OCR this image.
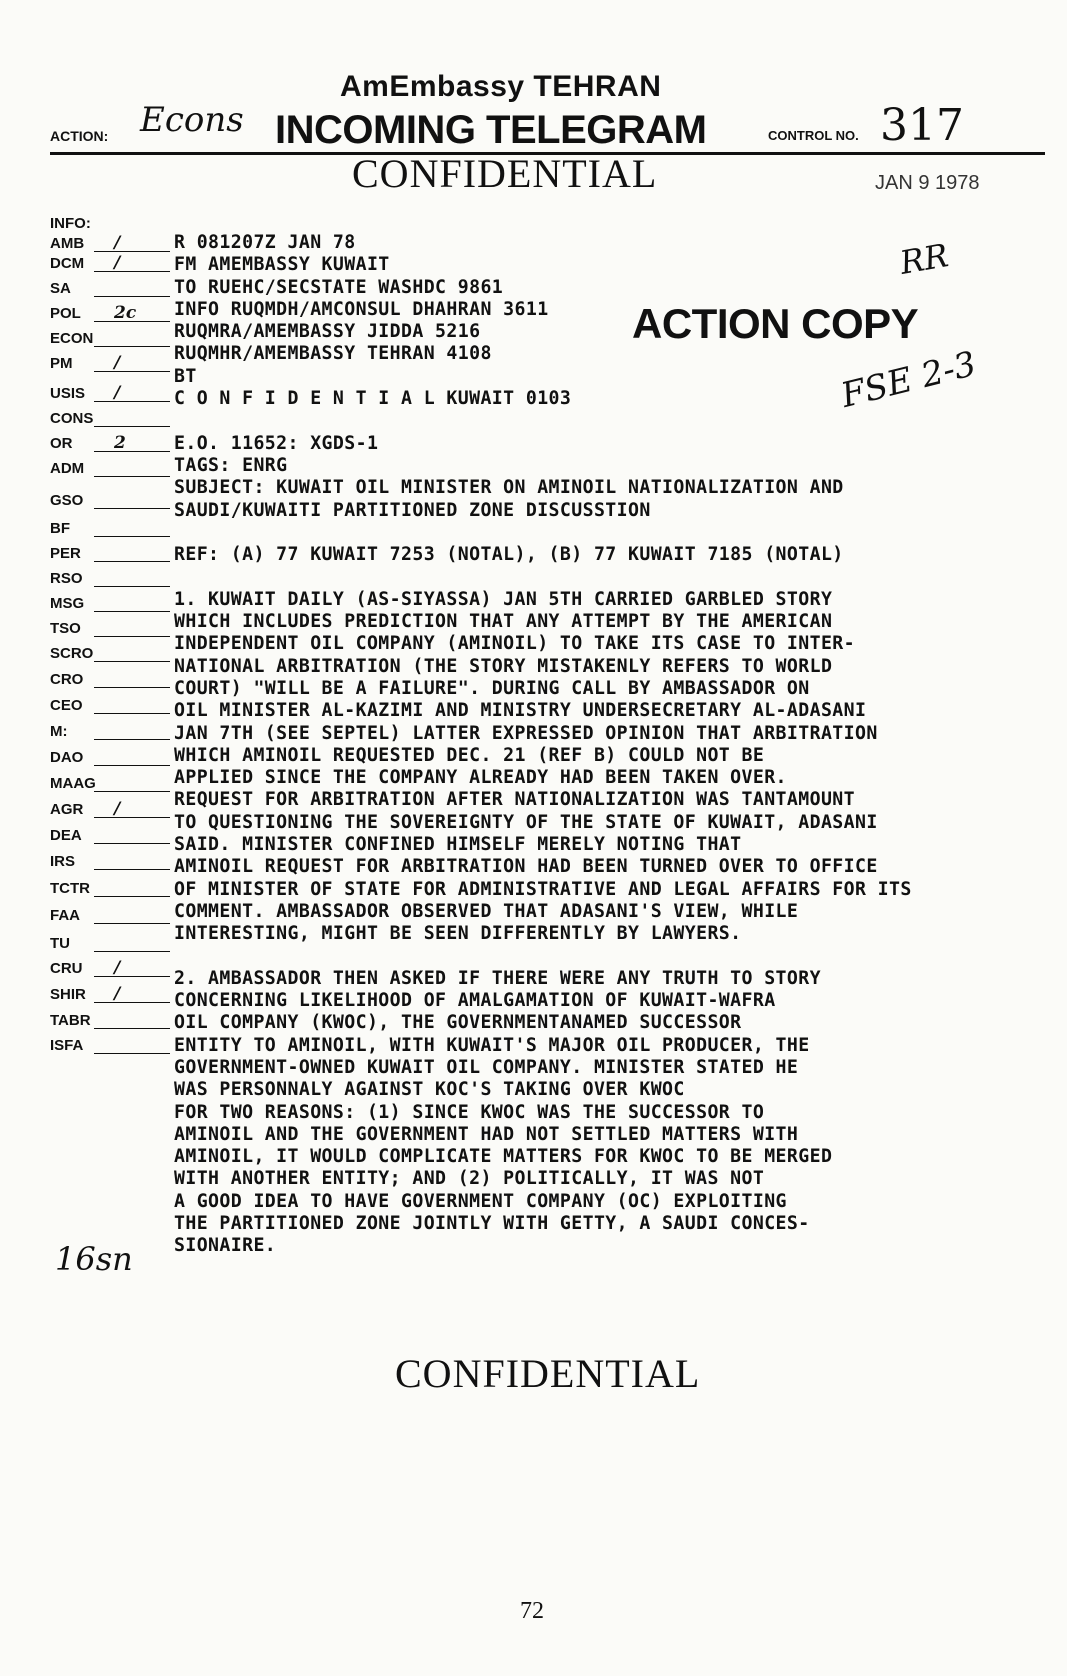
AmEmbassy TEHRAN
ACTION: Econs INCOMING TELEGRAM	CONTROL NO. 317
CONFIDENTIAL	JAN 9 1978
INFO:
AMB /
DCM /
SA
POL 2c
ECON
PM /
USIS /
CONS
OR 2
ADM
GSO
BF
PER
RSO
MSG
TSO
SCRO
CRO
CEO
M:
DAO
MAAG
AGR /
DEA
IRS
TCTR
FAA
TU
CRU /
SHIR /
TABR
ISFA
RR
ACTION COPY
FSE 2-3
R 081207Z JAN 78
FM AMEMBASSY KUWAIT
TO RUEHC/SECSTATE WASHDC 9861
INFO RUQMDH/AMCONSUL DHAHRAN 3611
RUQMRA/AMEMBASSY JIDDA 5216
RUQMHR/AMEMBASSY TEHRAN 4108
BT
C O N F I D E N T I A L KUWAIT 0103
E.O. 11652: XGDS-1
TAGS: ENRG
SUBJECT: KUWAIT OIL MINISTER ON AMINOIL NATIONALIZATION AND
SAUDI/KUWAITI PARTITIONED ZONE DISCUSSTION
REF: (A) 77 KUWAIT 7253 (NOTAL), (B) 77 KUWAIT 7185 (NOTAL)
1. KUWAIT DAILY (AS-SIYASSA) JAN 5TH CARRIED GARBLED STORY
WHICH INCLUDES PREDICTION THAT ANY ATTEMPT BY THE AMERICAN
INDEPENDENT OIL COMPANY (AMINOIL) TO TAKE ITS CASE TO INTER-
NATIONAL ARBITRATION (THE STORY MISTAKENLY REFERS TO WORLD
COURT) "WILL BE A FAILURE". DURING CALL BY AMBASSADOR ON
OIL MINISTER AL-KAZIMI AND MINISTRY UNDERSECRETARY AL-ADASANI
JAN 7TH (SEE SEPTEL) LATTER EXPRESSED OPINION THAT ARBITRATION
WHICH AMINOIL REQUESTED DEC. 21 (REF B) COULD NOT BE
APPLIED SINCE THE COMPANY ALREADY HAD BEEN TAKEN OVER.
REQUEST FOR ARBITRATION AFTER NATIONALIZATION WAS TANTAMOUNT
TO QUESTIONING THE SOVEREIGNTY OF THE STATE OF KUWAIT, ADASANI
SAID. MINISTER CONFINED HIMSELF MERELY NOTING THAT
AMINOIL REQUEST FOR ARBITRATION HAD BEEN TURNED OVER TO OFFICE
OF MINISTER OF STATE FOR ADMINISTRATIVE AND LEGAL AFFAIRS FOR ITS
COMMENT. AMBASSADOR OBSERVED THAT ADASANI'S VIEW, WHILE
INTERESTING, MIGHT BE SEEN DIFFERENTLY BY LAWYERS.
2. AMBASSADOR THEN ASKED IF THERE WERE ANY TRUTH TO STORY
CONCERNING LIKELIHOOD OF AMALGAMATION OF KUWAIT-WAFRA
OIL COMPANY (KWOC), THE GOVERNMENTANAMED SUCCESSOR
ENTITY TO AMINOIL, WITH KUWAIT'S MAJOR OIL PRODUCER, THE
GOVERNMENT-OWNED KUWAIT OIL COMPANY. MINISTER STATED HE
WAS PERSONNALY AGAINST KOC'S TAKING OVER KWOC
FOR TWO REASONS: (1) SINCE KWOC WAS THE SUCCESSOR TO
AMINOIL AND THE GOVERNMENT HAD NOT SETTLED MATTERS WITH
AMINOIL, IT WOULD COMPLICATE MATTERS FOR KWOC TO BE MERGED
WITH ANOTHER ENTITY; AND (2) POLITICALLY, IT WAS NOT
A GOOD IDEA TO HAVE GOVERNMENT COMPANY (OC) EXPLOITING
THE PARTITIONED ZONE JOINTLY WITH GETTY, A SAUDI CONCES-
SIONAIRE.
16sn
CONFIDENTIAL
72
